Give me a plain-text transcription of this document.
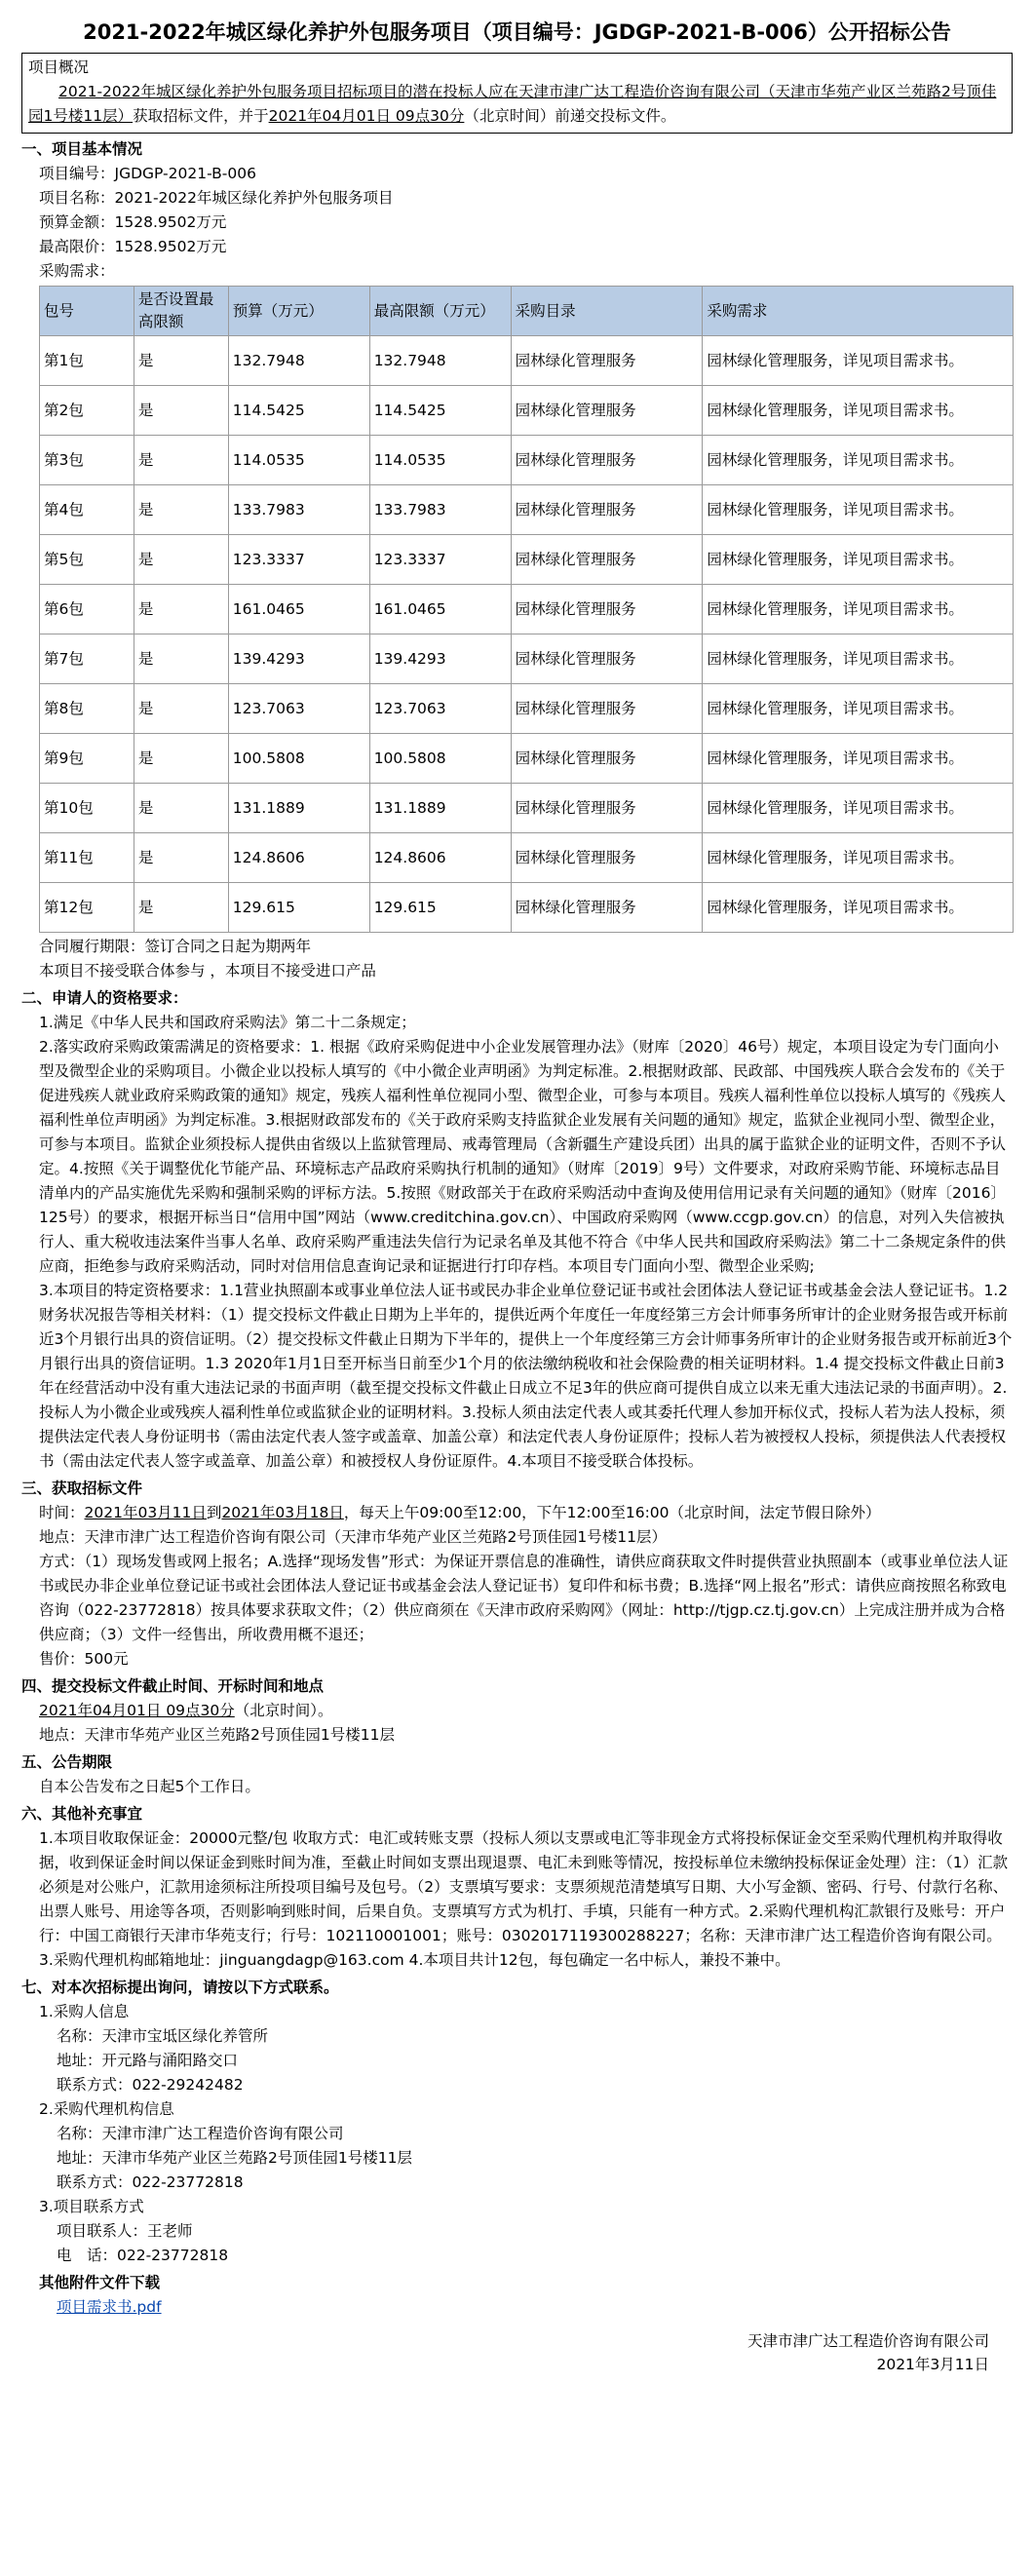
2021-2022年城区绿化养护外包服务项目（项目编号：JGDGP-2021-B-006）公开招标公告
项目概况
2021-2022年城区绿化养护外包服务项目招标项目的潜在投标人应在天津市津广达工程造价咨询有限公司（天津市华苑产业区兰苑路2号顶佳园1号楼11层）获取招标文件，并于2021年04月01日 09点30分（北京时间）前递交投标文件。
一、项目基本情况
项目编号：JGDGP-2021-B-006
项目名称：2021-2022年城区绿化养护外包服务项目
预算金额：1528.9502万元
最高限价：1528.9502万元
采购需求：
包号	是否设置最高限额	预算（万元）	最高限额（万元）	采购目录	采购需求
第1包	是	132.7948	132.7948	园林绿化管理服务	园林绿化管理服务，详见项目需求书。
第2包	是	114.5425	114.5425	园林绿化管理服务	园林绿化管理服务，详见项目需求书。
第3包	是	114.0535	114.0535	园林绿化管理服务	园林绿化管理服务，详见项目需求书。
第4包	是	133.7983	133.7983	园林绿化管理服务	园林绿化管理服务，详见项目需求书。
第5包	是	123.3337	123.3337	园林绿化管理服务	园林绿化管理服务，详见项目需求书。
第6包	是	161.0465	161.0465	园林绿化管理服务	园林绿化管理服务，详见项目需求书。
第7包	是	139.4293	139.4293	园林绿化管理服务	园林绿化管理服务，详见项目需求书。
第8包	是	123.7063	123.7063	园林绿化管理服务	园林绿化管理服务，详见项目需求书。
第9包	是	100.5808	100.5808	园林绿化管理服务	园林绿化管理服务，详见项目需求书。
第10包	是	131.1889	131.1889	园林绿化管理服务	园林绿化管理服务，详见项目需求书。
第11包	是	124.8606	124.8606	园林绿化管理服务	园林绿化管理服务，详见项目需求书。
第12包	是	129.615	129.615	园林绿化管理服务	园林绿化管理服务，详见项目需求书。
合同履行期限：签订合同之日起为期两年
本项目不接受联合体参与 ，本项目不接受进口产品
二、申请人的资格要求：
1.满足《中华人民共和国政府采购法》第二十二条规定；
2.落实政府采购政策需满足的资格要求：1. 根据《政府采购促进中小企业发展管理办法》（财库〔2020〕46号）规定，本项目设定为专门面向小型及微型企业的采购项目。小微企业以投标人填写的《中小微企业声明函》为判定标准。2.根据财政部、民政部、中国残疾人联合会发布的《关于促进残疾人就业政府采购政策的通知》规定，残疾人福利性单位视同小型、微型企业，可参与本项目。残疾人福利性单位以投标人填写的《残疾人福利性单位声明函》为判定标准。3.根据财政部发布的《关于政府采购支持监狱企业发展有关问题的通知》规定，监狱企业视同小型、微型企业，可参与本项目。监狱企业须投标人提供由省级以上监狱管理局、戒毒管理局（含新疆生产建设兵团）出具的属于监狱企业的证明文件，否则不予认定。4.按照《关于调整优化节能产品、环境标志产品政府采购执行机制的通知》（财库〔2019〕9号）文件要求，对政府采购节能、环境标志品目清单内的产品实施优先采购和强制采购的评标方法。5.按照《财政部关于在政府采购活动中查询及使用信用记录有关问题的通知》（财库〔2016〕125号）的要求，根据开标当日“信用中国”网站（www.creditchina.gov.cn）、中国政府采购网（www.ccgp.gov.cn）的信息，对列入失信被执行人、重大税收违法案件当事人名单、政府采购严重违法失信行为记录名单及其他不符合《中华人民共和国政府采购法》第二十二条规定条件的供应商，拒绝参与政府采购活动，同时对信用信息查询记录和证据进行打印存档。本项目专门面向小型、微型企业采购;
3.本项目的特定资格要求：1.1营业执照副本或事业单位法人证书或民办非企业单位登记证书或社会团体法人登记证书或基金会法人登记证书。1.2 财务状况报告等相关材料：（1）提交投标文件截止日期为上半年的，提供近两个年度任一年度经第三方会计师事务所审计的企业财务报告或开标前近3个月银行出具的资信证明。（2）提交投标文件截止日期为下半年的，提供上一个年度经第三方会计师事务所审计的企业财务报告或开标前近3个月银行出具的资信证明。1.3 2020年1月1日至开标当日前至少1个月的依法缴纳税收和社会保险费的相关证明材料。1.4 提交投标文件截止日前3年在经营活动中没有重大违法记录的书面声明（截至提交投标文件截止日成立不足3年的供应商可提供自成立以来无重大违法记录的书面声明）。2.投标人为小微企业或残疾人福利性单位或监狱企业的证明材料。3.投标人须由法定代表人或其委托代理人参加开标仪式，投标人若为法人投标，须提供法定代表人身份证明书（需由法定代表人签字或盖章、加盖公章）和法定代表人身份证原件；投标人若为被授权人投标，须提供法人代表授权书（需由法定代表人签字或盖章、加盖公章）和被授权人身份证原件。4.本项目不接受联合体投标。
三、获取招标文件
时间：2021年03月11日到2021年03月18日，每天上午09:00至12:00，下午12:00至16:00（北京时间，法定节假日除外）
地点：天津市津广达工程造价咨询有限公司（天津市华苑产业区兰苑路2号顶佳园1号楼11层）
方式：（1）现场发售或网上报名；A.选择“现场发售”形式：为保证开票信息的准确性，请供应商获取文件时提供营业执照副本（或事业单位法人证书或民办非企业单位登记证书或社会团体法人登记证书或基金会法人登记证书）复印件和标书费；B.选择“网上报名”形式：请供应商按照名称致电咨询（022-23772818）按具体要求获取文件；（2）供应商须在《天津市政府采购网》（网址：http://tjgp.cz.tj.gov.cn）上完成注册并成为合格供应商；（3）文件一经售出，所收费用概不退还；
售价：500元
四、提交投标文件截止时间、开标时间和地点
2021年04月01日 09点30分（北京时间）。
地点：天津市华苑产业区兰苑路2号顶佳园1号楼11层
五、公告期限
自本公告发布之日起5个工作日。
六、其他补充事宜
1.本项目收取保证金：20000元整/包 收取方式：电汇或转账支票（投标人须以支票或电汇等非现金方式将投标保证金交至采购代理机构并取得收据，收到保证金时间以保证金到账时间为准，至截止时间如支票出现退票、电汇未到账等情况，按投标单位未缴纳投标保证金处理）注：（1）汇款必须是对公账户，汇款用途须标注所投项目编号及包号。（2）支票填写要求：支票须规范清楚填写日期、大小写金额、密码、行号、付款行名称、出票人账号、用途等各项，否则影响到账时间，后果自负。支票填写方式为机打、手填，只能有一种方式。2.采购代理机构汇款银行及账号：开户行：中国工商银行天津市华苑支行；行号：102110001001；账号：0302017119300288227；名称：天津市津广达工程造价咨询有限公司。3.采购代理机构邮箱地址：jinguangdagp@163.com 4.本项目共计12包，每包确定一名中标人，兼投不兼中。
七、对本次招标提出询问，请按以下方式联系。
1.采购人信息
名称：天津市宝坻区绿化养管所
地址：开元路与涌阳路交口
联系方式：022-29242482
2.采购代理机构信息
名称：天津市津广达工程造价咨询有限公司
地址：天津市华苑产业区兰苑路2号顶佳园1号楼11层
联系方式：022-23772818
3.项目联系方式
项目联系人：王老师
电　话：022-23772818
其他附件文件下载
项目需求书.pdf
天津市津广达工程造价咨询有限公司
2021年3月11日
